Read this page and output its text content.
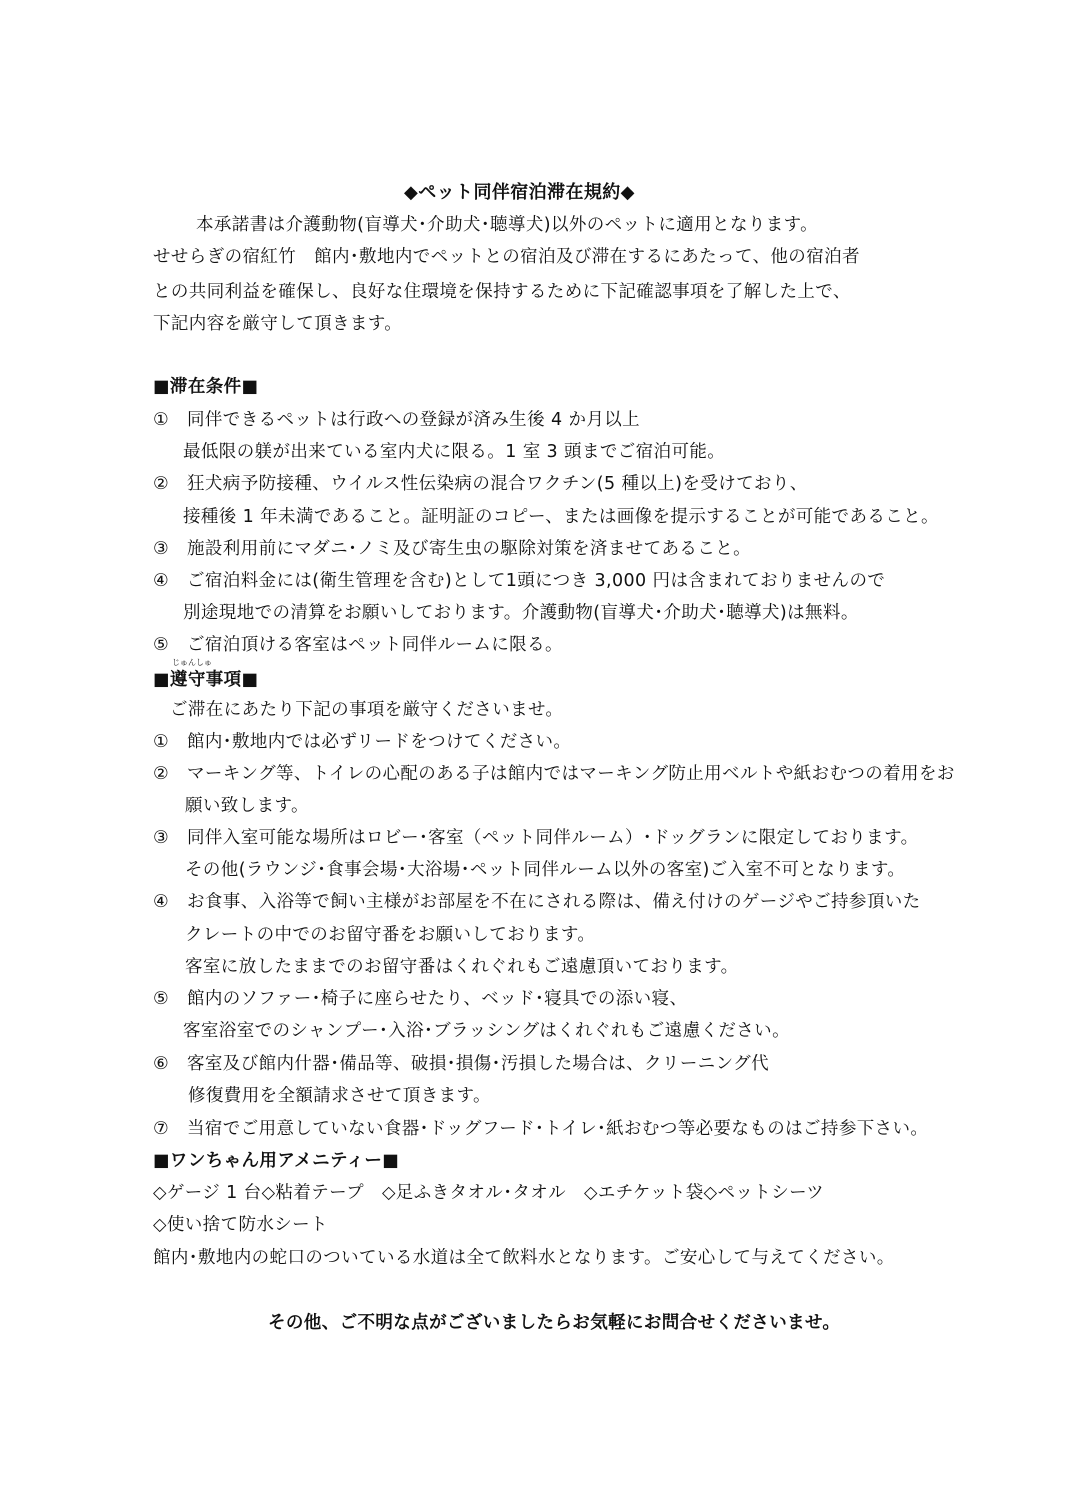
◆ペット同伴宿泊滞在規約◆
本承諾書は介護動物(盲導犬･介助犬･聴導犬)以外のペットに適用となります。
せせらぎの宿紅竹　館内･敷地内でペットとの宿泊及び滞在するにあたって、他の宿泊者
との共同利益を確保し、良好な住環境を保持するために下記確認事項を了解した上で、
下記内容を厳守して頂きます。
■滞在条件■
①　同伴できるペットは行政への登録が済み生後 4 か月以上
最低限の躾が出来ている室内犬に限る。1 室 3 頭までご宿泊可能。
②　狂犬病予防接種、ウイルス性伝染病の混合ワクチン(5 種以上)を受けており、
接種後 1 年未満であること。証明証のコピー、または画像を提示することが可能であること。
③　施設利用前にマダニ･ノミ及び寄生虫の駆除対策を済ませてあること。
④　ご宿泊料金には(衛生管理を含む)として1頭につき 3,000 円は含まれておりませんので
別途現地での清算をお願いしております。介護動物(盲導犬･介助犬･聴導犬)は無料。
⑤　ご宿泊頂ける客室はペット同伴ルームに限る。
じゅんしゅ
■遵守事項■
ご滞在にあたり下記の事項を厳守くださいませ。
①　館内･敷地内では必ずリードをつけてください。
②　マーキング等、トイレの心配のある子は館内ではマーキング防止用ベルトや紙おむつの着用をお
願い致します。
③　同伴入室可能な場所はロビー･客室（ペット同伴ルーム）･ドッグランに限定しております。
その他(ラウンジ･食事会場･大浴場･ペット同伴ルーム以外の客室)ご入室不可となります。
④　お食事、入浴等で飼い主様がお部屋を不在にされる際は、備え付けのゲージやご持参頂いた
クレートの中でのお留守番をお願いしております。
客室に放したままでのお留守番はくれぐれもご遠慮頂いております。
⑤　館内のソファー･椅子に座らせたり、ベッド･寝具での添い寝、
客室浴室でのシャンプー･入浴･ブラッシングはくれぐれもご遠慮ください。
⑥　客室及び館内什器･備品等、破損･損傷･汚損した場合は、クリーニング代
修復費用を全額請求させて頂きます。
⑦　当宿でご用意していない食器･ドッグフード･トイレ･紙おむつ等必要なものはご持参下さい。
■ワンちゃん用アメニティー■
◇ゲージ 1 台◇粘着テープ　◇足ふきタオル･タオル　◇エチケット袋◇ペットシーツ
◇使い捨て防水シート
館内･敷地内の蛇口のついている水道は全て飲料水となります。ご安心して与えてください。
その他、ご不明な点がございましたらお気軽にお問合せくださいませ。
